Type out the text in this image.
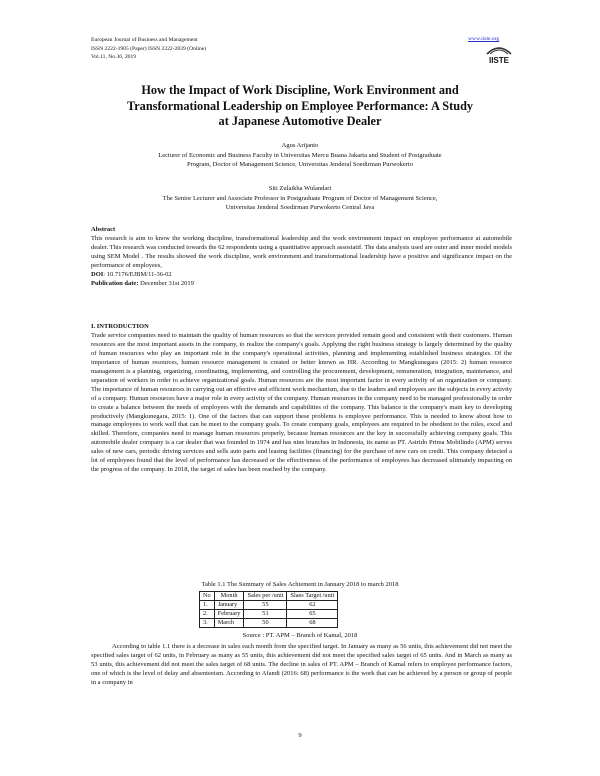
European Journal of Business and Management
ISSN 2222-1905 (Paper) ISSN 2222-2839 (Online)
Vol.11, No.36, 2019
www.iiste.org
IISTE
How the Impact of Work Discipline, Work Environment and
Transformational Leadership on Employee Performance: A Study
at Japanese Automotive Dealer
Agus Arijanto
Lecturer of Economic and Business Faculty in Universitas Mercu Buana Jakarta and Student of Postgraduate
Program, Doctor of Management Science, Universitas Jenderal Soedirman Purwokerto
Siti Zulaikha Wulandari
The Senior Lecturer and Associate Professor in Postgraduate Program of Doctor of Management Science,
Universitas Jenderal Soedirman Purwokerto Central Java

Abstract

This research is aim to know the working discipline, transformational leadership and the work environment impact on employee performance at automobile dealer. This research was conducted towards the 62 respondents using a quantitative approach assosiatif. The data analysis used are outer and inner model models using SEM Model . The results showed the work discipline, work environment and transformational leadership have a positive and significance impact on the performance of employees,

DOI: 10.7176/EJBM/11-36-02

Publication date: December 31st 2019

I. INTRODUCTION

Trade service companies need to maintain the quality of human resources so that the services provided remain good and consistent with their customers. Human resources are the most important assets in the company, to realize the company's goals. Applying the right business strategy is largely determined by the quality of human resources who play an important role in the company's operational activities, planning and implementing established business strategies. Of the importance of human resources, human resource management is created or better known as HR. According to Mangkunegara (2015: 2) human resource management is a planning, organizing, coordinating, implementing, and controlling the procurement, development, remuneration, integration, maintenance, and separation of workers in order to achieve organizational goals. Human resources are the most important factor in every activity of an organization or company. The importance of human resources in carrying out an effective and efficient work mechanism, due to the leaders and employees are the subjects in every activity of a company. Human resources have a major role in every activity of the company. Human resources in the company need to be managed professionally in order to create a balance between the needs of employees with the demands and capabilities of the company. This balance is the company's main key to developing productively (Mangkunegara, 2015: 1). One of the factors that can support these problems is employee performance. This is needed to know about how to manage employees to work well that can be meet to the company goals. To create company goals, employees are required to be obedient to the rules, excel and skilled. Therefore, companies need to manage human resources properly, because human resources are the key in successfully achieving company goals. This automobile dealer company is a car dealer that was founded in 1974 and has nine branches in Indonesia, its name as PT. Astrido Prima Mobilindo (APM) serves sales of new cars, periodic driving services and sells auto parts and leasing facilities (financing) for the purchase of new cars on credit. This company detected a lot of employees found that the level of performance has decreased or the effectiveness of the performance of employees has decreased ultimately impacting on the progress of the company. In 2018, the target of sales has been reached by the company.

Table 1.1 The Summary of Sales Achiement in January 2018 to march 2018
No	Month	Sales per /unit	Slaes Target /unit
1.	January	55	62
2.	February	51	65
3.	March	50	68
Source : PT. APM – Branch of Kamal, 2018

According to table 1.1 there is a decrease in sales each month from the specified target. In January as many as 56 units, this achievement did not meet the specified sales target of 62 units, in February as many as 55 units, this achievement did not meet the specified sales target of 65 units. And in March as many as 53 units, this achievement did not meet the sales target of 68 units. The decline in sales of PT. APM – Branch of Kamal refers to employee performance factors, one of which is the level of delay and absenteeism. According to Afandi (2016: 68) performance is the work that can be achieved by a person or group of people in a company in

9
